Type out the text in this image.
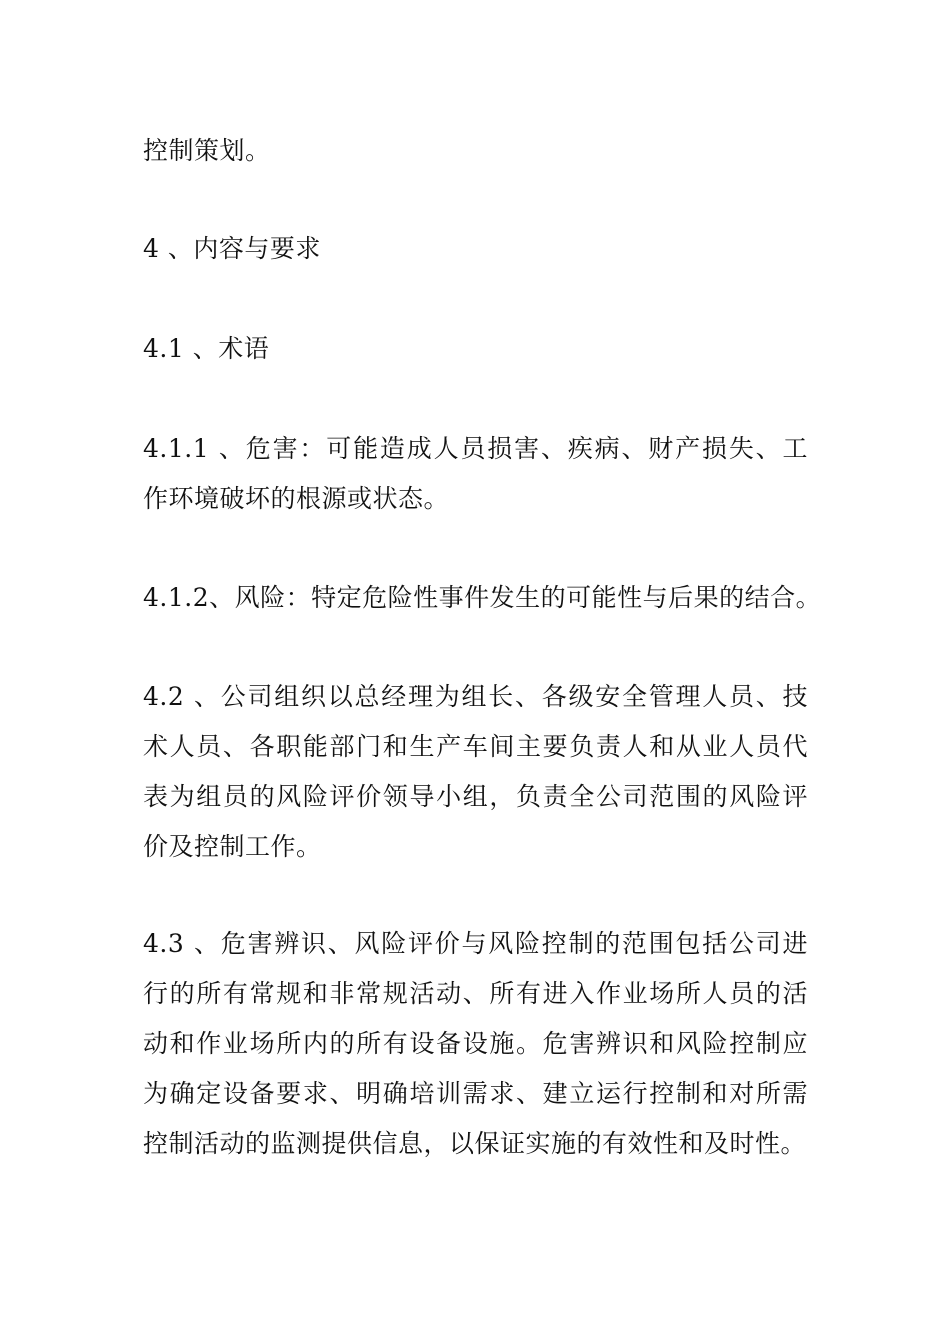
控制策划。

4 、内容与要求

4.1 、术语

4.1.1 、危害：可能造成人员损害、疾病、财产损失、工
作环境破坏的根源或状态。

4.1.2、风险：特定危险性事件发生的可能性与后果的结合。

4.2 、公司组织以总经理为组长、各级安全管理人员、技
术人员、各职能部门和生产车间主要负责人和从业人员代
表为组员的风险评价领导小组，负责全公司范围的风险评
价及控制工作。

4.3 、危害辨识、风险评价与风险控制的范围包括公司进
行的所有常规和非常规活动、所有进入作业场所人员的活
动和作业场所内的所有设备设施。危害辨识和风险控制应
为确定设备要求、明确培训需求、建立运行控制和对所需
控制活动的监测提供信息，以保证实施的有效性和及时性。
